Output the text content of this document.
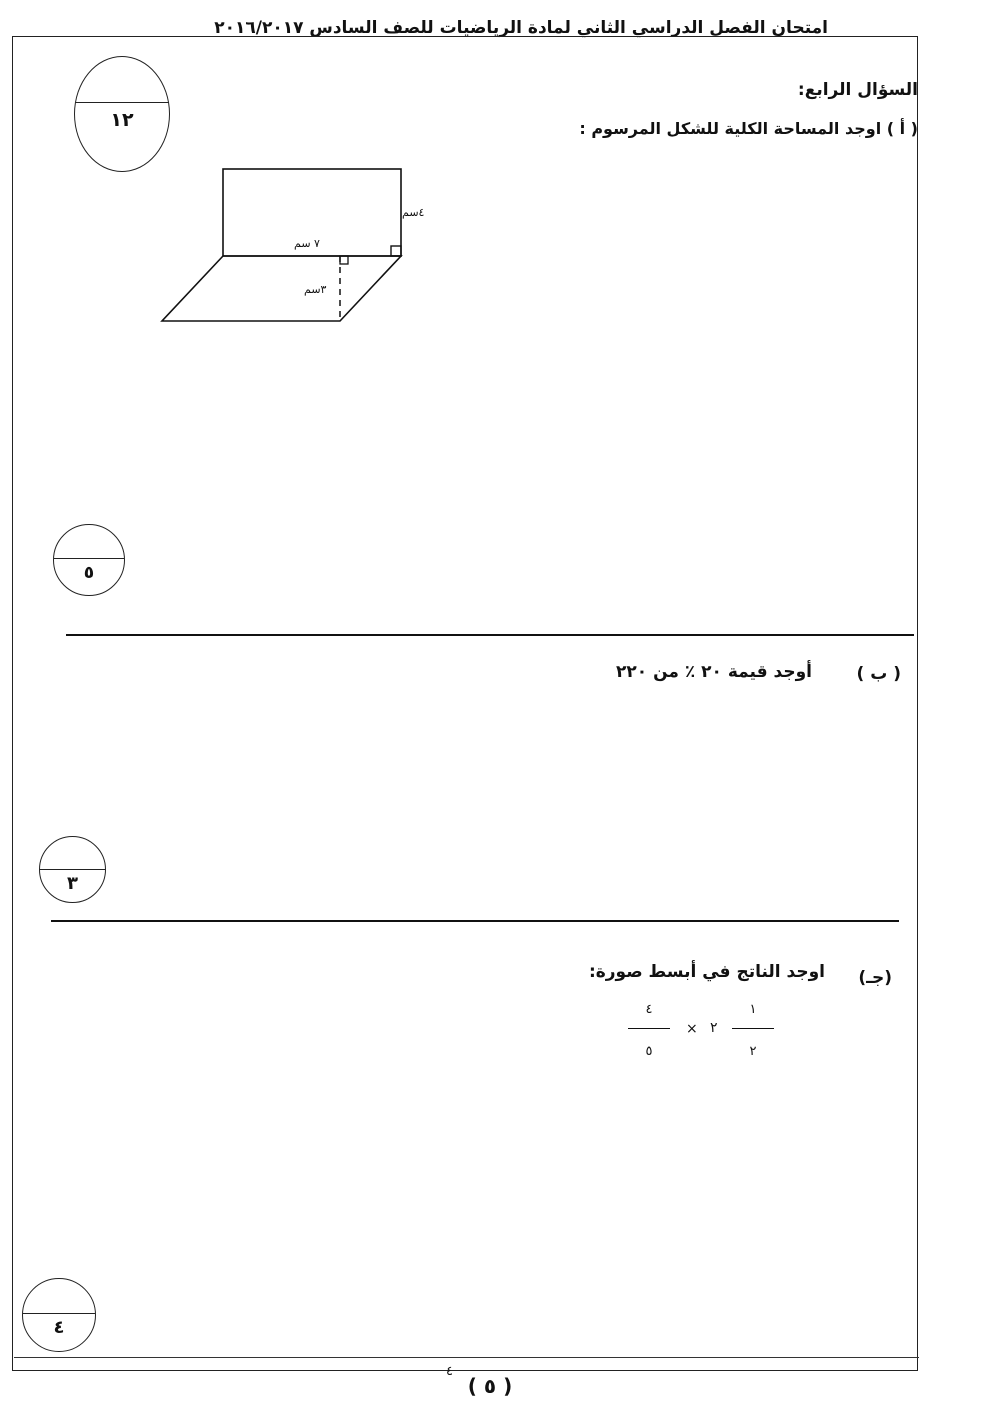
امتحان الفصل الدراسي الثاني لمادة الرياضيات للصف السادس ٢٠١٦/٢٠١٧
١٢
السؤال الرابع:
( أ ) اوجد المساحة الكلية للشكل المرسوم :
٤سم
٧ سم
٣سم
٥
( ب )
أوجد قيمة ٢٠ ٪ من ٢٢٠
٣
(جـ)
اوجد الناتج في أبسط صورة:
٤
٥
× ٢
١
٢
٤
٤
( ٥ )
